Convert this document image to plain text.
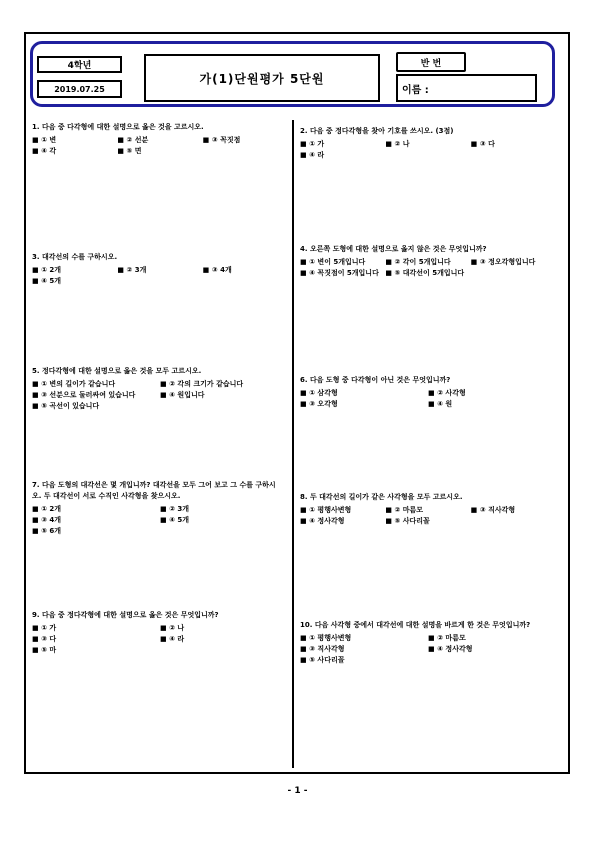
4학년
2019.07.25
가(1)단원평가 5단원
반 번
이름 :
1. 다음 중 다각형에 대한 설명으로 옳은 것을 고르시오.
■ ① 변	■ ② 선분	■ ③ 꼭짓점
■ ④ 각	■ ⑤ 면
3. 대각선의 수를 구하시오.
■ ① 2개	■ ② 3개	■ ③ 4개
■ ④ 5개
5. 정다각형에 대한 설명으로 옳은 것을 모두 고르시오.
■ ① 변의 길이가 같습니다	■ ② 각의 크기가 같습니다
■ ③ 선분으로 둘러싸여 있습니다	■ ④ 원입니다
■ ⑤ 곡선이 있습니다
7. 다음 도형의 대각선은 몇 개입니까? 대각선을 모두 그어 보고 그 수를 구하시오. 두 대각선이 서로 수직인 사각형을 찾으시오.
■ ① 2개	■ ② 3개
■ ③ 4개	■ ④ 5개
■ ⑤ 6개
9. 다음 중 정다각형에 대한 설명으로 옳은 것은 무엇입니까?
■ ① 가	■ ② 나
■ ③ 다	■ ④ 라
■ ⑤ 마
2. 다음 중 정다각형을 찾아 기호를 쓰시오. (3점)
■ ① 가	■ ② 나	■ ③ 다
■ ④ 라
4. 오른쪽 도형에 대한 설명으로 옳지 않은 것은 무엇입니까?
■ ① 변이 5개입니다	■ ② 각이 5개입니다	■ ③ 정오각형입니다
■ ④ 꼭짓점이 5개입니다	■ ⑤ 대각선이 5개입니다
6. 다음 도형 중 다각형이 아닌 것은 무엇입니까?
■ ① 삼각형	■ ② 사각형
■ ③ 오각형	■ ④ 원
8. 두 대각선의 길이가 같은 사각형을 모두 고르시오.
■ ① 평행사변형	■ ② 마름모	■ ③ 직사각형
■ ④ 정사각형	■ ⑤ 사다리꼴
10. 다음 사각형 중에서 대각선에 대한 설명을 바르게 한 것은 무엇입니까?
■ ① 평행사변형	■ ② 마름모
■ ③ 직사각형	■ ④ 정사각형
■ ⑤ 사다리꼴
- 1 -
